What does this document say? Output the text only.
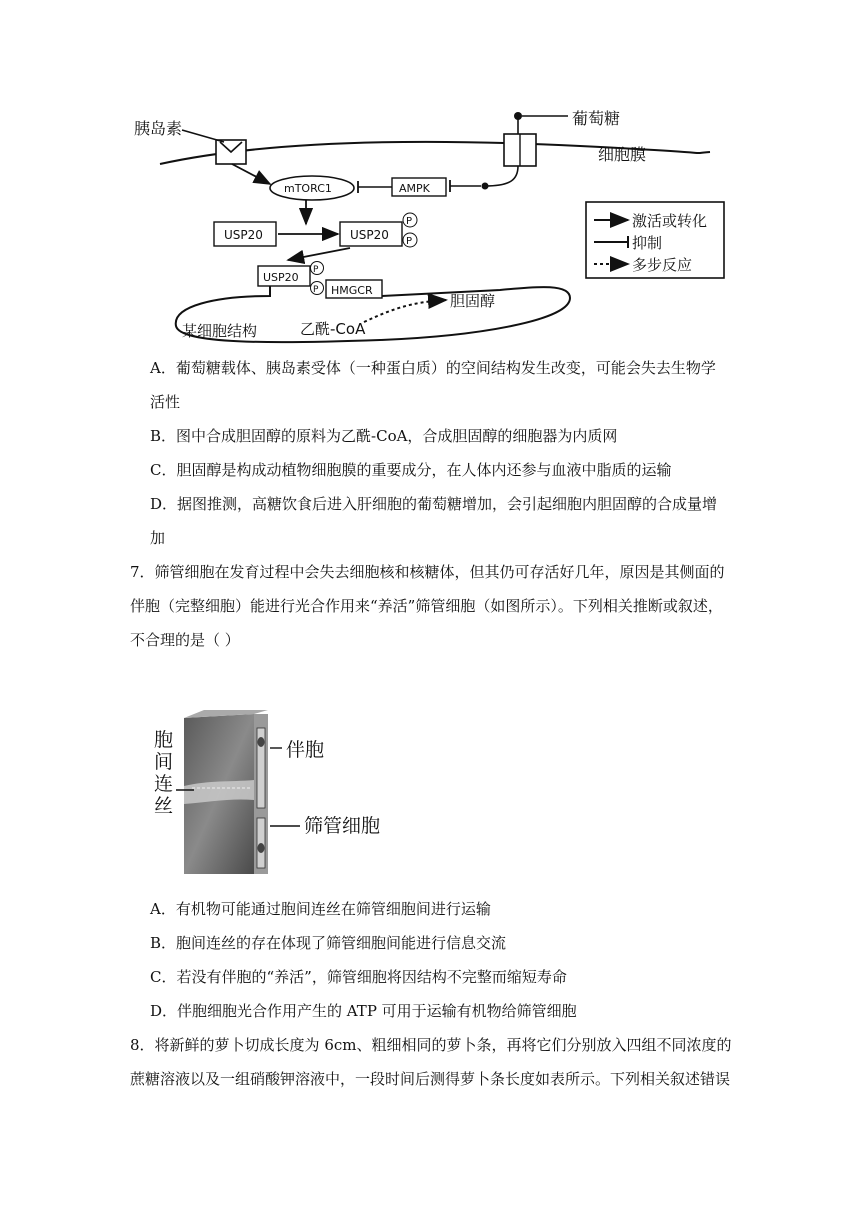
胰岛素
葡萄糖
细胞膜
AMPK
mTORC1
USP20	USP20
P
P
USP20
P
P HMGCR
某细胞结构	乙酰-CoA
胆固醇
激活或转化
抑制
多步反应
A．葡萄糖载体、胰岛素受体（一种蛋白质）的空间结构发生改变，可能会失去生物学
活性
B．图中合成胆固醇的原料为乙酰-CoA，合成胆固醇的细胞器为内质网
C．胆固醇是构成动植物细胞膜的重要成分，在人体内还参与血液中脂质的运输
D．据图推测，高糖饮食后进入肝细胞的葡萄糖增加，会引起细胞内胆固醇的合成量增
加
7．筛管细胞在发育过程中会失去细胞核和核糖体，但其仍可存活好几年，原因是其侧面的
伴胞（完整细胞）能进行光合作用来“养活”筛管细胞（如图所示）。下列相关推断或叙述，
不合理的是（ ）
胞
间
连
丝
伴胞
筛管细胞
A．有机物可能通过胞间连丝在筛管细胞间进行运输
B．胞间连丝的存在体现了筛管细胞间能进行信息交流
C．若没有伴胞的“养活”，筛管细胞将因结构不完整而缩短寿命
D．伴胞细胞光合作用产生的 ATP 可用于运输有机物给筛管细胞
8．将新鲜的萝卜切成长度为 6cm、粗细相同的萝卜条，再将它们分别放入四组不同浓度的
蔗糖溶液以及一组硝酸钾溶液中，一段时间后测得萝卜条长度如表所示。下列相关叙述错误
